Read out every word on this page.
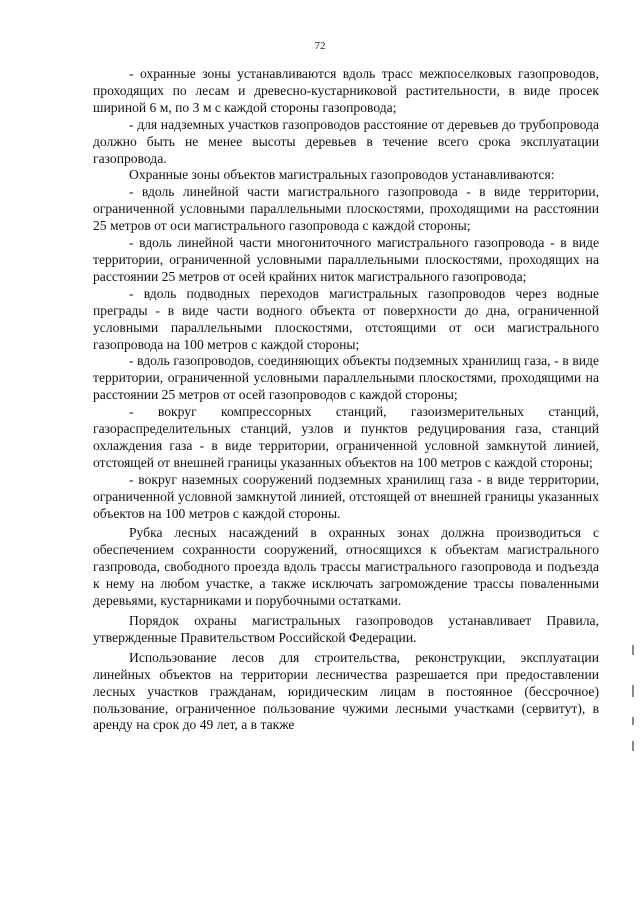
72

- охранные зоны устанавливаются вдоль трасс межпоселковых газопроводов, проходящих по лесам и древесно-кустарниковой растительности, в виде просек шириной 6 м, по 3 м с каждой стороны газопровода;

- для надземных участков газопроводов расстояние от деревьев до трубопровода должно быть не менее высоты деревьев в течение всего срока эксплуатации газопровода.

Охранные зоны объектов магистральных газопроводов устанавливаются:

- вдоль линейной части магистрального газопровода - в виде территории, ограниченной условными параллельными плоскостями, проходящими на расстоянии 25 метров от оси магистрального газопровода с каждой стороны;

- вдоль линейной части многониточного магистрального газопровода - в виде территории, ограниченной условными параллельными плоскостями, проходящих на расстоянии 25 метров от осей крайних ниток магистрального газопровода;

- вдоль подводных переходов магистральных газопроводов через водные преграды - в виде части водного объекта от поверхности до дна, ограниченной условными параллельными плоскостями, отстоящими от оси магистрального газопровода на 100 метров с каждой стороны;

- вдоль газопроводов, соединяющих объекты подземных хранилищ газа, - в виде территории, ограниченной условными параллельными плоскостями, проходящими на расстоянии 25 метров от осей газопроводов с каждой стороны;

- вокруг компрессорных станций, газоизмерительных станций, газораспределительных станций, узлов и пунктов редуцирования газа, станций охлаждения газа - в виде территории, ограниченной условной замкнутой линией, отстоящей от внешней границы указанных объектов на 100 метров с каждой стороны;

- вокруг наземных сооружений подземных хранилищ газа - в виде территории, ограниченной условной замкнутой линией, отстоящей от внешней границы указанных объектов на 100 метров с каждой стороны.

Рубка лесных насаждений в охранных зонах должна производиться с обеспечением сохранности сооружений, относящихся к объектам магистрального газпровода, свободного проезда вдоль трассы магистрального газопровода и подъезда к нему на любом участке, а также исключать загромождение трассы поваленными деревьями, кустарниками и порубочными остатками.

Порядок охраны магистральных газопроводов устанавливает Правила, утвержденные Правительством Российской Федерации.

Использование лесов для строительства, реконструкции, эксплуатации линейных объектов на территории лесничества разрешается при предоставлении лесных участков гражданам, юридическим лицам в постоянное (бессрочное) пользование, ограниченное пользование чужими лесными участками (сервитут), в аренду на срок до 49 лет, а в также
